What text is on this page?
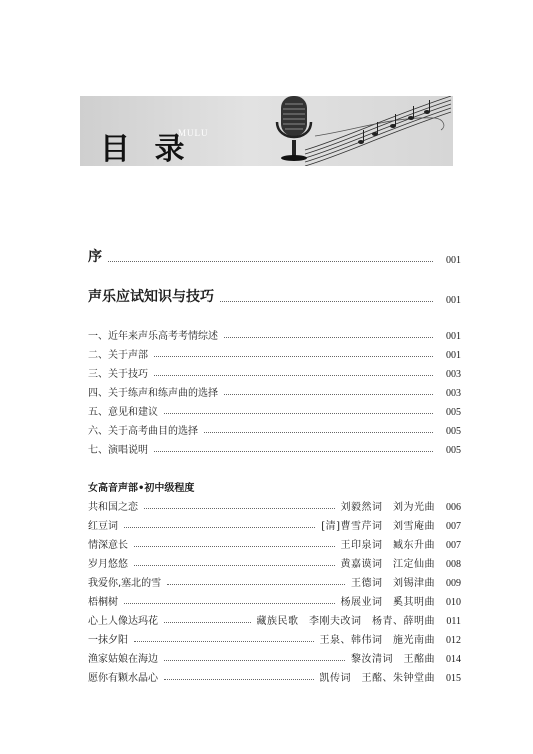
目 录
MULU
序	001
声乐应试知识与技巧	001
一、近年来声乐高考考情综述	001
二、关于声部	001
三、关于技巧	003
四、关于练声和练声曲的选择	003
五、意见和建议	005
六、关于高考曲目的选择	005
七、演唱说明	005
女高音声部•初中级程度
共和国之恋	刘毅然词　刘为光曲	006
红豆词	[清]曹雪芹词　刘雪庵曲	007
情深意长	王印泉词　臧东升曲	007
岁月悠悠	黄嘉谟词　江定仙曲	008
我爱你,塞北的雪	王德词　刘锡津曲	009
梧桐树	杨展业词　奚其明曲	010
心上人像达玛花	藏族民歌　李刚夫改词　杨青、薛明曲	011
一抹夕阳	王泉、韩伟词　施光南曲	012
渔家姑娘在海边	黎汝清词　王酩曲	014
愿你有颗水晶心	凯传词　王酩、朱钟堂曲	015
